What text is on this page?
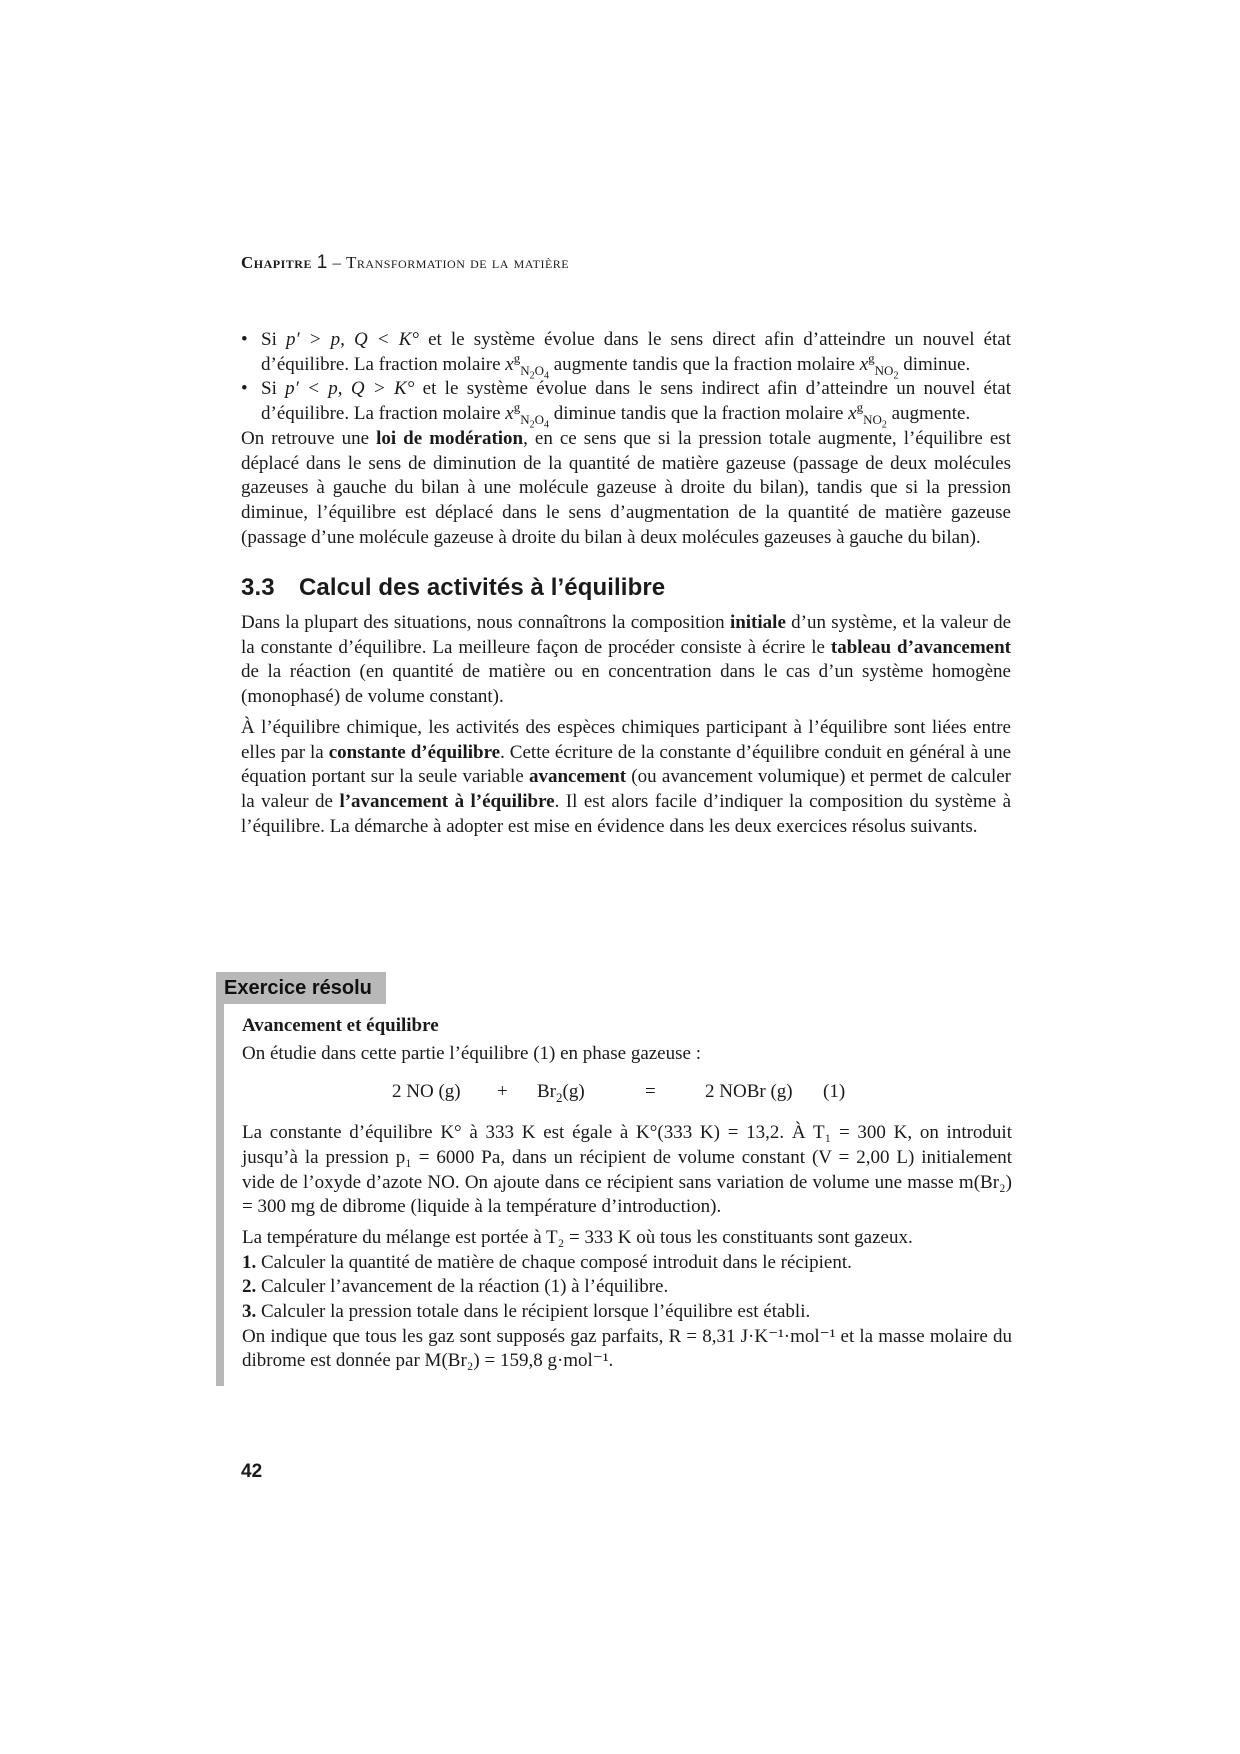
Chapitre 1 – Transformation de la matière
• Si p′ > p, Q < K° et le système évolue dans le sens direct afin d’atteindre un nouvel état d’équilibre. La fraction molaire $x^g_{N_2O_4}$ augmente tandis que la fraction molaire $x^g_{NO_2}$ diminue.
• Si p′ < p, Q > K° et le système évolue dans le sens indirect afin d’atteindre un nouvel état d’équilibre. La fraction molaire $x^g_{N_2O_4}$ diminue tandis que la fraction molaire $x^g_{NO_2}$ augmente.

On retrouve une loi de modération, en ce sens que si la pression totale augmente, l’équilibre est déplacé dans le sens de diminution de la quantité de matière gazeuse (passage de deux molécules gazeuses à gauche du bilan à une molécule gazeuse à droite du bilan), tandis que si la pression diminue, l’équilibre est déplacé dans le sens d’augmentation de la quantité de matière gazeuse (passage d’une molécule gazeuse à droite du bilan à deux molécules gazeuses à gauche du bilan).

3.3 Calcul des activités à l’équilibre

Dans la plupart des situations, nous connaîtrons la composition initiale d’un système, et la valeur de la constante d’équilibre. La meilleure façon de procéder consiste à écrire le tableau d’avancement de la réaction (en quantité de matière ou en concentration dans le cas d’un système homogène (monophasé) de volume constant).

À l’équilibre chimique, les activités des espèces chimiques participant à l’équilibre sont liées entre elles par la constante d’équilibre. Cette écriture de la constante d’équilibre conduit en général à une équation portant sur la seule variable avancement (ou avancement volumique) et permet de calculer la valeur de l’avancement à l’équilibre. Il est alors facile d’indiquer la composition du système à l’équilibre. La démarche à adopter est mise en évidence dans les deux exercices résolus suivants.

Exercice résolu
Avancement et équilibre

On étudie dans cette partie l’équilibre (1) en phase gazeuse :

2 NO (g)	+	$Br_2(g)$	=	2 NOBr (g)	(1)

La constante d’équilibre K° à 333 K est égale à K°(333 K) = 13,2. À T₁ = 300 K, on introduit jusqu’à la pression p₁ = 6000 Pa, dans un récipient de volume constant (V = 2,00 L) initialement vide de l’oxyde d’azote NO. On ajoute dans ce récipient sans variation de volume une masse m(Br₂) = 300 mg de dibrome (liquide à la température d’introduction).

La température du mélange est portée à T₂ = 333 K où tous les constituants sont gazeux.

1. Calculer la quantité de matière de chaque composé introduit dans le récipient.

2. Calculer l’avancement de la réaction (1) à l’équilibre.

3. Calculer la pression totale dans le récipient lorsque l’équilibre est établi.

On indique que tous les gaz sont supposés gaz parfaits, R = 8,31 J·K⁻¹·mol⁻¹ et la masse molaire du dibrome est donnée par M(Br₂) = 159,8 g·mol⁻¹.

42
